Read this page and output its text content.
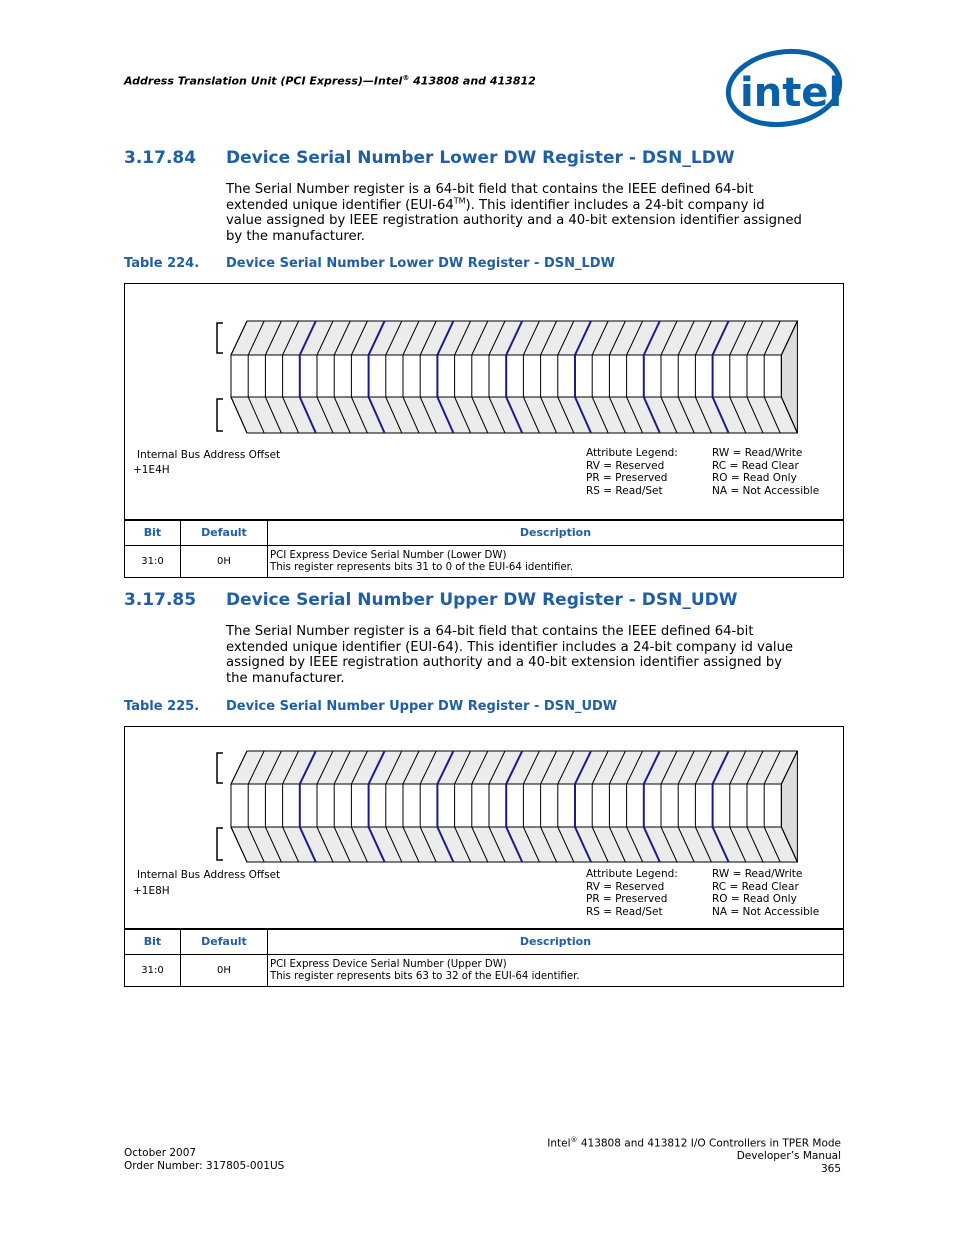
Address Translation Unit (PCI Express)—Intel® 413808 and 413812	intel
3.17.84 Device Serial Number Lower DW Register - DSN_LDW
The Serial Number register is a 64-bit field that contains the IEEE defined 64-bit
extended unique identifier (EUI-64™). This identifier includes a 24-bit company id
value assigned by IEEE registration authority and a 40-bit extension identifier assigned
by the manufacturer.
Table 224. Device Serial Number Lower DW Register - DSN_LDW
Internal Bus Address Offset
+1E4H
Attribute Legend:
RV = Reserved
PR = Preserved
RS = Read/Set
RW = Read/Write
RC = Read Clear
RO = Read Only
NA = Not Accessible
Bit	Default	Description
31:0	0H	PCI Express Device Serial Number (Lower DW)
This register represents bits 31 to 0 of the EUI-64 identifier.
3.17.85 Device Serial Number Upper DW Register - DSN_UDW
The Serial Number register is a 64-bit field that contains the IEEE defined 64-bit
extended unique identifier (EUI-64). This identifier includes a 24-bit company id value
assigned by IEEE registration authority and a 40-bit extension identifier assigned by
the manufacturer.
Table 225. Device Serial Number Upper DW Register - DSN_UDW
Internal Bus Address Offset
+1E8H
Attribute Legend:
RV = Reserved
PR = Preserved
RS = Read/Set
RW = Read/Write
RC = Read Clear
RO = Read Only
NA = Not Accessible
Bit	Default	Description
31:0	0H	PCI Express Device Serial Number (Upper DW)
This register represents bits 63 to 32 of the EUI-64 identifier.
October 2007
Order Number: 317805-001US
Intel® 413808 and 413812 I/O Controllers in TPER Mode
Developer’s Manual
365
